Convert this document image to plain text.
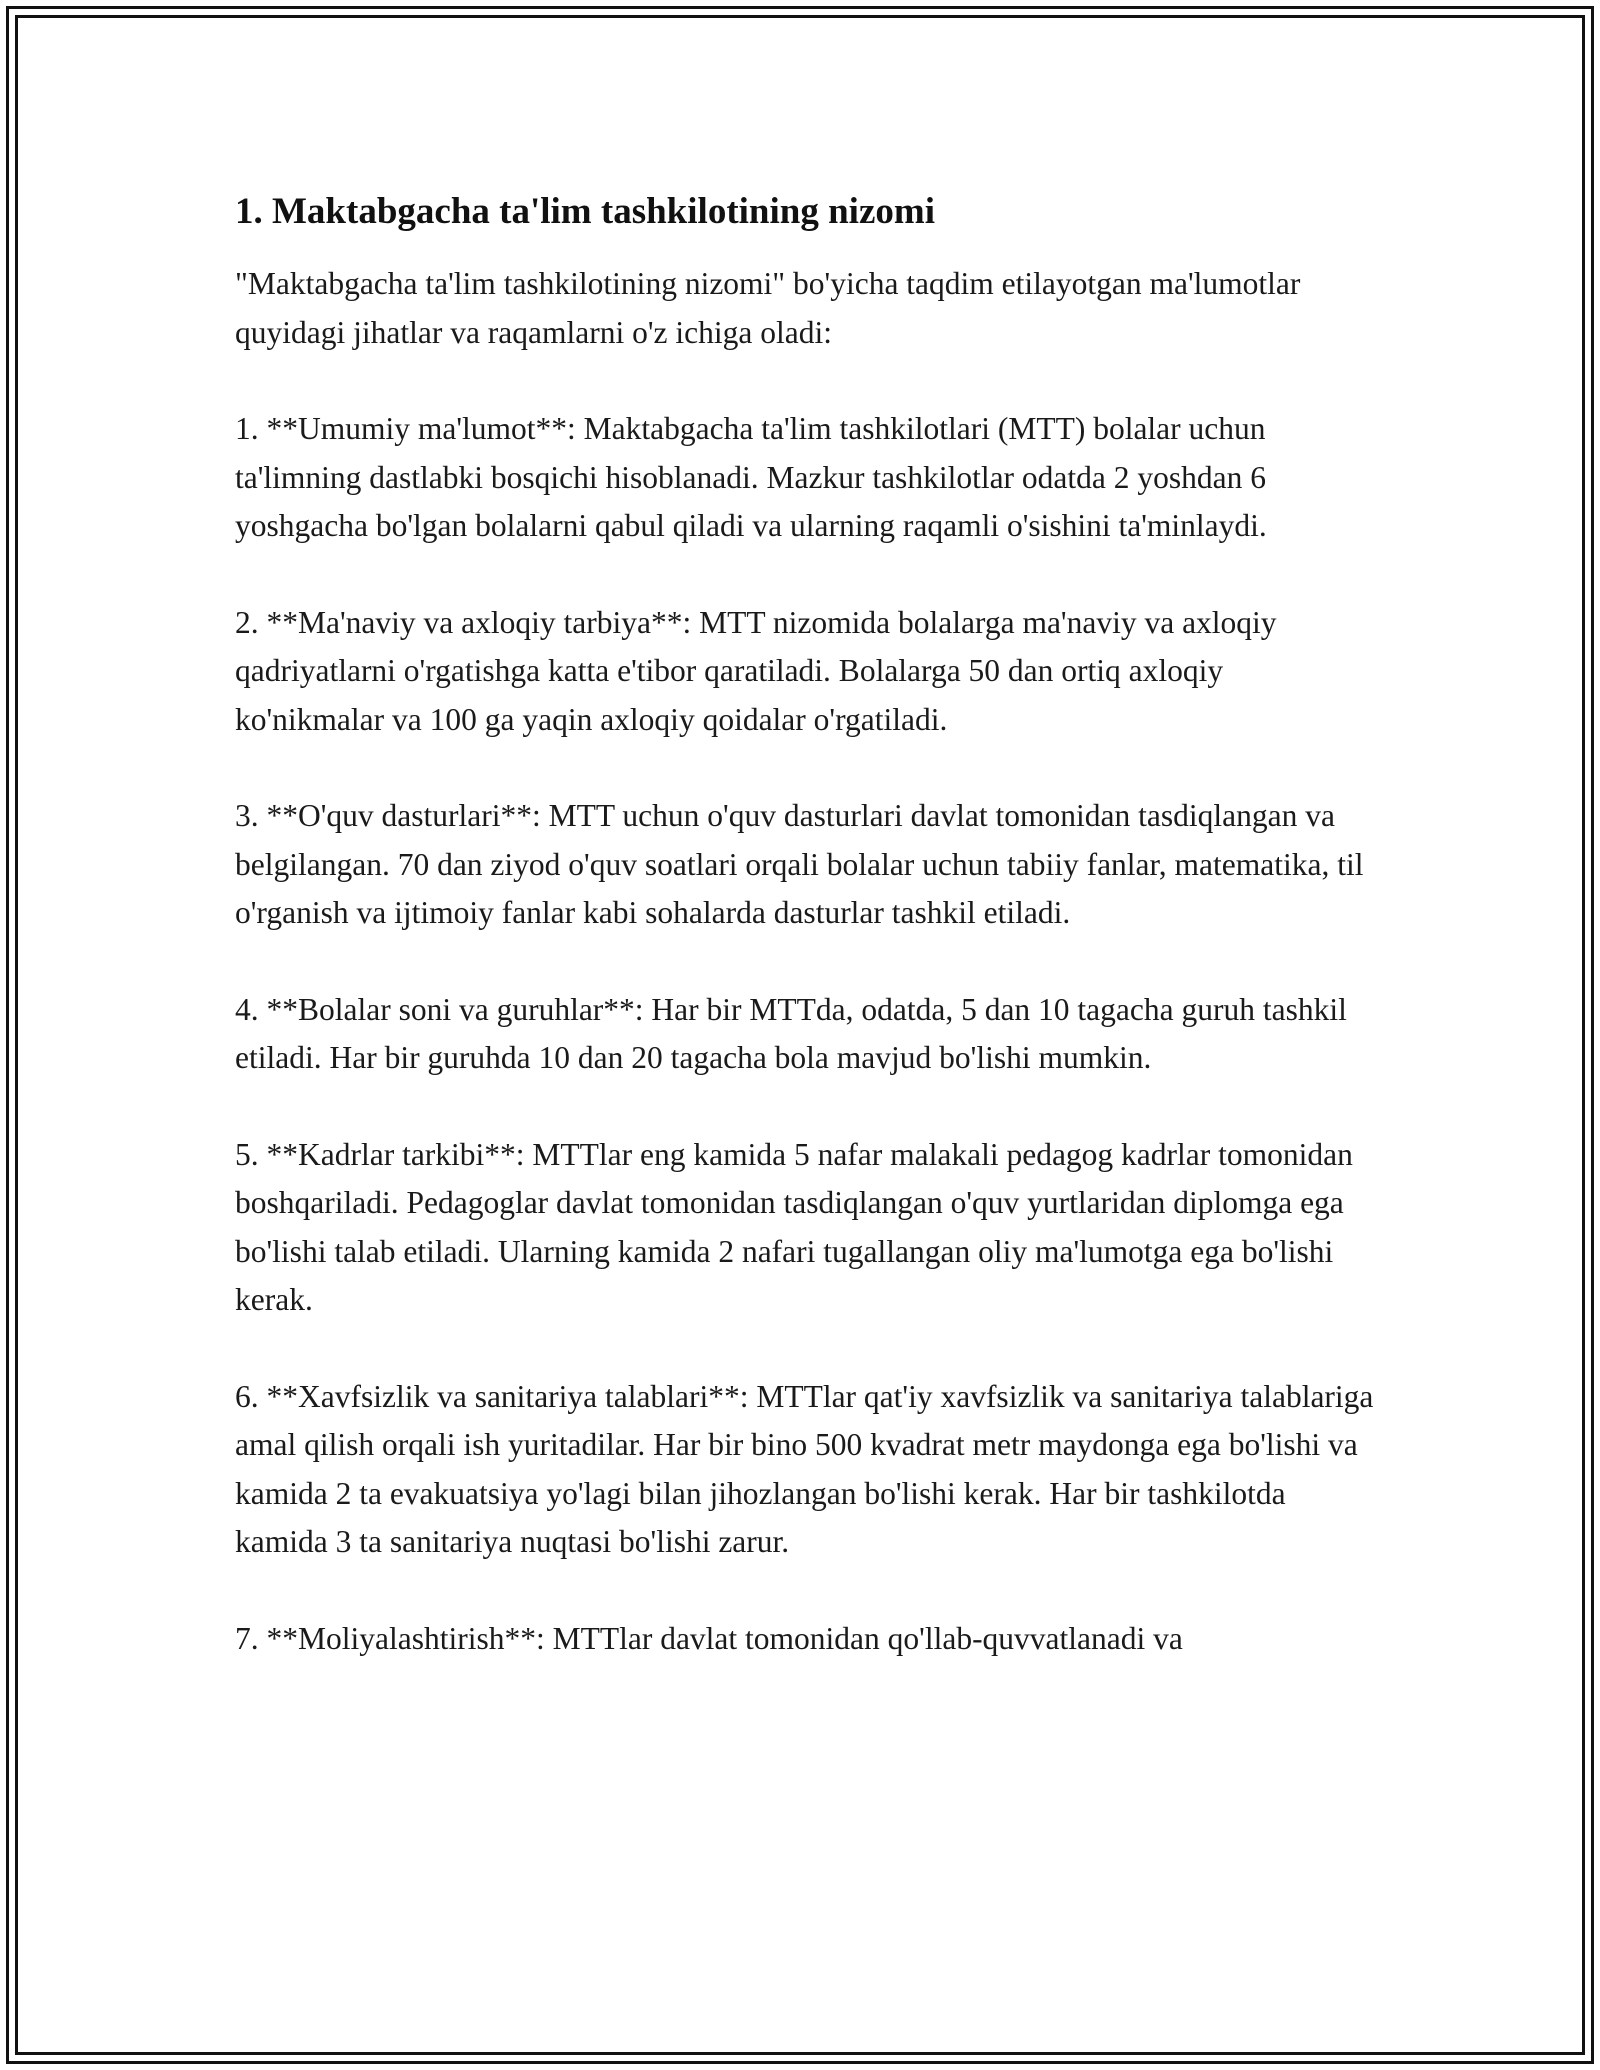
1. Maktabgacha ta'lim tashkilotining nizomi

"Maktabgacha ta'lim tashkilotining nizomi" bo'yicha taqdim etilayotgan ma'lumotlar quyidagi jihatlar va raqamlarni o'z ichiga oladi:

1. **Umumiy ma'lumot**: Maktabgacha ta'lim tashkilotlari (MTT) bolalar uchun ta'limning dastlabki bosqichi hisoblanadi. Mazkur tashkilotlar odatda 2 yoshdan 6 yoshgacha bo'lgan bolalarni qabul qiladi va ularning raqamli o'sishini ta'minlaydi.

2. **Ma'naviy va axloqiy tarbiya**: MTT nizomida bolalarga ma'naviy va axloqiy qadriyatlarni o'rgatishga katta e'tibor qaratiladi. Bolalarga 50 dan ortiq axloqiy ko'nikmalar va 100 ga yaqin axloqiy qoidalar o'rgatiladi.

3. **O'quv dasturlari**: MTT uchun o'quv dasturlari davlat tomonidan tasdiqlangan va belgilangan. 70 dan ziyod o'quv soatlari orqali bolalar uchun tabiiy fanlar, matematika, til o'rganish va ijtimoiy fanlar kabi sohalarda dasturlar tashkil etiladi.

4. **Bolalar soni va guruhlar**: Har bir MTTda, odatda, 5 dan 10 tagacha guruh tashkil etiladi. Har bir guruhda 10 dan 20 tagacha bola mavjud bo'lishi mumkin.

5. **Kadrlar tarkibi**: MTTlar eng kamida 5 nafar malakali pedagog kadrlar tomonidan boshqariladi. Pedagoglar davlat tomonidan tasdiqlangan o'quv yurtlaridan diplomga ega bo'lishi talab etiladi. Ularning kamida 2 nafari tugallangan oliy ma'lumotga ega bo'lishi kerak.

6. **Xavfsizlik va sanitariya talablari**: MTTlar qat'iy xavfsizlik va sanitariya talablariga amal qilish orqali ish yuritadilar. Har bir bino 500 kvadrat metr maydonga ega bo'lishi va kamida 2 ta evakuatsiya yo'lagi bilan jihozlangan bo'lishi kerak. Har bir tashkilotda kamida 3 ta sanitariya nuqtasi bo'lishi zarur.

7. **Moliyalashtirish**: MTTlar davlat tomonidan qo'llab-quvvatlanadi va
